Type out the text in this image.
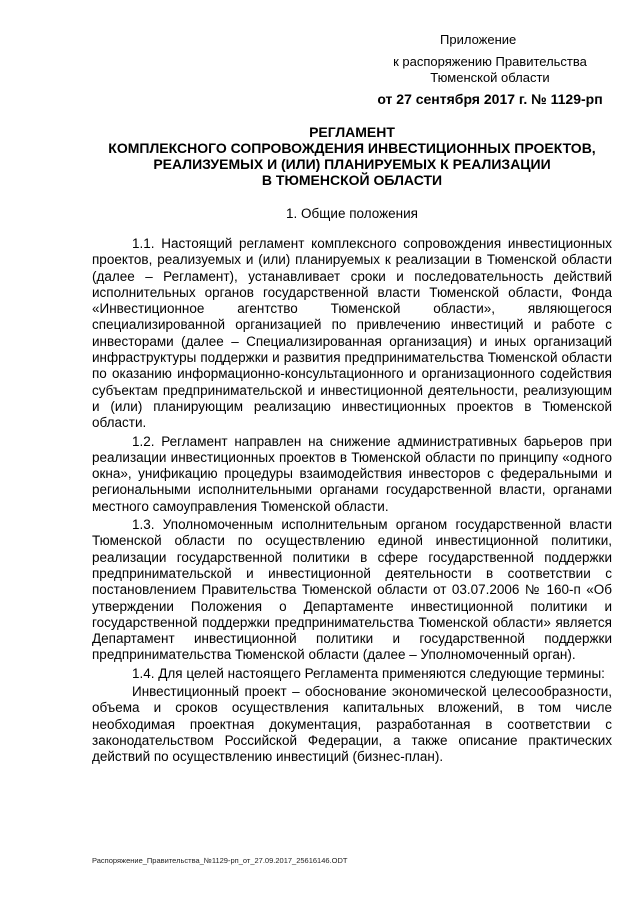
Приложение
к распоряжению Правительства
Тюменской области
от 27 сентября 2017 г. № 1129-рп
РЕГЛАМЕНТ
КОМПЛЕКСНОГО СОПРОВОЖДЕНИЯ ИНВЕСТИЦИОННЫХ ПРОЕКТОВ,
РЕАЛИЗУЕМЫХ И (ИЛИ) ПЛАНИРУЕМЫХ К РЕАЛИЗАЦИИ
В ТЮМЕНСКОЙ ОБЛАСТИ
1. Общие положения

1.1. Настоящий регламент комплексного сопровождения инвестиционных проектов, реализуемых и (или) планируемых к реализации в Тюменской области (далее – Регламент), устанавливает сроки и последовательность действий исполнительных органов государственной власти Тюменской области, Фонда «Инвестиционное агентство Тюменской области», являющегося специализированной организацией по привлечению инвестиций и работе с инвесторами (далее – Специализированная организация) и иных организаций инфраструктуры поддержки и развития предпринимательства Тюменской области по оказанию информационно-консультационного и организационного содействия субъектам предпринимательской и инвестиционной деятельности, реализующим и (или) планирующим реализацию инвестиционных проектов в Тюменской области.

1.2. Регламент направлен на снижение административных барьеров при реализации инвестиционных проектов в Тюменской области по принципу «одного окна», унификацию процедуры взаимодействия инвесторов с федеральными и региональными исполнительными органами государственной власти, органами местного самоуправления Тюменской области.

1.3. Уполномоченным исполнительным органом государственной власти Тюменской области по осуществлению единой инвестиционной политики, реализации государственной политики в сфере государственной поддержки предпринимательской и инвестиционной деятельности в соответствии с постановлением Правительства Тюменской области от 03.07.2006 № 160-п «Об утверждении Положения о Департаменте инвестиционной политики и государственной поддержки предпринимательства Тюменской области» является Департамент инвестиционной политики и государственной поддержки предпринимательства Тюменской области (далее – Уполномоченный орган).

1.4. Для целей настоящего Регламента применяются следующие термины:

Инвестиционный проект – обоснование экономической целесообразности, объема и сроков осуществления капитальных вложений, в том числе необходимая проектная документация, разработанная в соответствии с законодательством Российской Федерации, а также описание практических действий по осуществлению инвестиций (бизнес-план).

Распоряжение_Правительства_№1129-рп_от_27.09.2017_25616146.ODT
